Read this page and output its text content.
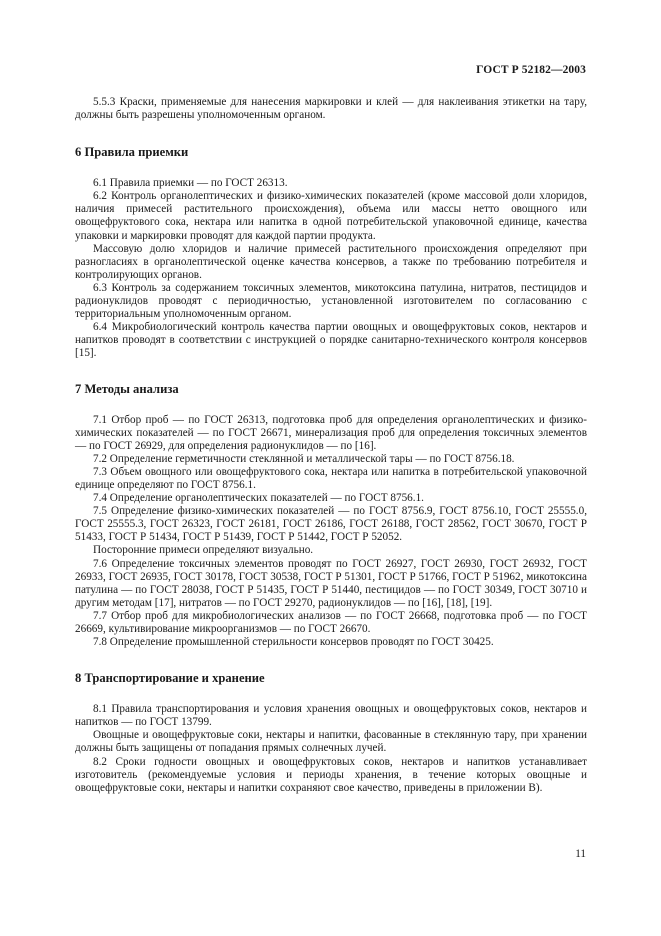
ГОСТ Р 52182—2003

5.5.3 Краски, применяемые для нанесения маркировки и клей — для наклеивания этикетки на тару, должны быть разрешены уполномоченным органом.

6 Правила приемки

6.1 Правила приемки — по ГОСТ 26313.

6.2 Контроль органолептических и физико-химических показателей (кроме массовой доли хлоридов, наличия примесей растительного происхождения), объема или массы нетто овощного или овощефруктового сока, нектара или напитка в одной потребительской упаковочной единице, качества упаковки и маркировки проводят для каждой партии продукта.

Массовую долю хлоридов и наличие примесей растительного происхождения определяют при разногласиях в органолептической оценке качества консервов, а также по требованию потребителя и контролирующих органов.

6.3 Контроль за содержанием токсичных элементов, микотоксина патулина, нитратов, пестицидов и радионуклидов проводят с периодичностью, установленной изготовителем по согласованию с территориальным уполномоченным органом.

6.4 Микробиологический контроль качества партии овощных и овощефруктовых соков, нектаров и напитков проводят в соответствии с инструкцией о порядке санитарно-технического контроля консервов [15].

7 Методы анализа

7.1 Отбор проб — по ГОСТ 26313, подготовка проб для определения органолептических и физико-химических показателей — по ГОСТ 26671, минерализация проб для определения токсичных элементов — по ГОСТ 26929, для определения радионуклидов — по [16].

7.2 Определение герметичности стеклянной и металлической тары — по ГОСТ 8756.18.

7.3 Объем овощного или овощефруктового сока, нектара или напитка в потребительской упаковочной единице определяют по ГОСТ 8756.1.

7.4 Определение органолептических показателей — по ГОСТ 8756.1.

7.5 Определение физико-химических показателей — по ГОСТ 8756.9, ГОСТ 8756.10, ГОСТ 25555.0, ГОСТ 25555.3, ГОСТ 26323, ГОСТ 26181, ГОСТ 26186, ГОСТ 26188, ГОСТ 28562, ГОСТ 30670, ГОСТ Р 51433, ГОСТ Р 51434, ГОСТ Р 51439, ГОСТ Р 51442, ГОСТ Р 52052.

Посторонние примеси определяют визуально.

7.6 Определение токсичных элементов проводят по ГОСТ 26927, ГОСТ 26930, ГОСТ 26932, ГОСТ 26933, ГОСТ 26935, ГОСТ 30178, ГОСТ 30538, ГОСТ Р 51301, ГОСТ Р 51766, ГОСТ Р 51962, микотоксина патулина — по ГОСТ 28038, ГОСТ Р 51435, ГОСТ Р 51440, пестицидов — по ГОСТ 30349, ГОСТ 30710 и другим методам [17], нитратов — по ГОСТ 29270, радионуклидов — по [16], [18], [19].

7.7 Отбор проб для микробиологических анализов — по ГОСТ 26668, подготовка проб — по ГОСТ 26669, культивирование микроорганизмов — по ГОСТ 26670.

7.8 Определение промышленной стерильности консервов проводят по ГОСТ 30425.

8 Транспортирование и хранение

8.1 Правила транспортирования и условия хранения овощных и овощефруктовых соков, нектаров и напитков — по ГОСТ 13799.

Овощные и овощефруктовые соки, нектары и напитки, фасованные в стеклянную тару, при хранении должны быть защищены от попадания прямых солнечных лучей.

8.2 Сроки годности овощных и овощефруктовых соков, нектаров и напитков устанавливает изготовитель (рекомендуемые условия и периоды хранения, в течение которых овощные и овощефруктовые соки, нектары и напитки сохраняют свое качество, приведены в приложении В).

11
